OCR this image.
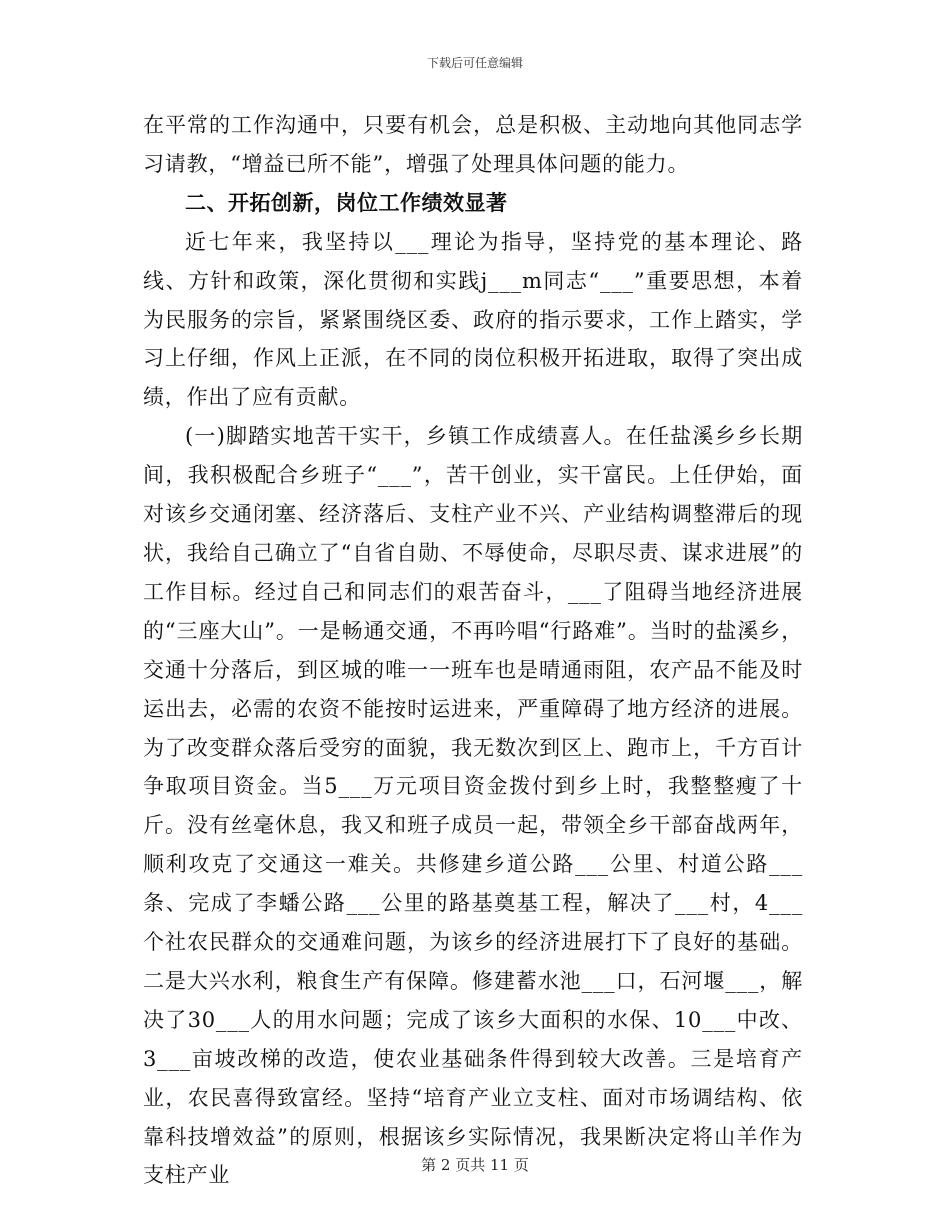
下载后可任意编辑

在平常的工作沟通中，只要有机会，总是积极、主动地向其他同志学习请教，“增益已所不能”，增强了处理具体问题的能力。

二、开拓创新，岗位工作绩效显著

近七年来，我坚持以___理论为指导，坚持党的基本理论、路线、方针和政策，深化贯彻和实践j___m同志“___”重要思想，本着为民服务的宗旨，紧紧围绕区委、政府的指示要求，工作上踏实，学习上仔细，作风上正派，在不同的岗位积极开拓进取，取得了突出成绩，作出了应有贡献。

(一)脚踏实地苦干实干，乡镇工作成绩喜人。在任盐溪乡乡长期间，我积极配合乡班子“___”，苦干创业，实干富民。上任伊始，面对该乡交通闭塞、经济落后、支柱产业不兴、产业结构调整滞后的现状，我给自己确立了“自省自勋、不辱使命，尽职尽责、谋求进展”的工作目标。经过自己和同志们的艰苦奋斗，___了阻碍当地经济进展的“三座大山”。一是畅通交通，不再吟唱“行路难”。当时的盐溪乡，交通十分落后，到区城的唯一一班车也是晴通雨阻，农产品不能及时运出去，必需的农资不能按时运进来，严重障碍了地方经济的进展。为了改变群众落后受穷的面貌，我无数次到区上、跑市上，千方百计争取项目资金。当5___万元项目资金拨付到乡上时，我整整瘦了十斤。没有丝毫休息，我又和班子成员一起，带领全乡干部奋战两年，顺利攻克了交通这一难关。共修建乡道公路___公里、村道公路___条、完成了李蟠公路___公里的路基奠基工程，解决了___村，4___个社农民群众的交通难问题，为该乡的经济进展打下了良好的基础。二是大兴水利，粮食生产有保障。修建蓄水池___口，石河堰___，解决了30___人的用水问题；完成了该乡大面积的水保、10___中改、3___亩坡改梯的改造，使农业基础条件得到较大改善。三是培育产业，农民喜得致富经。坚持“培育产业立支柱、面对市场调结构、依靠科技增效益”的原则，根据该乡实际情况，我果断决定将山羊作为支柱产业	第 2 页共 11 页
